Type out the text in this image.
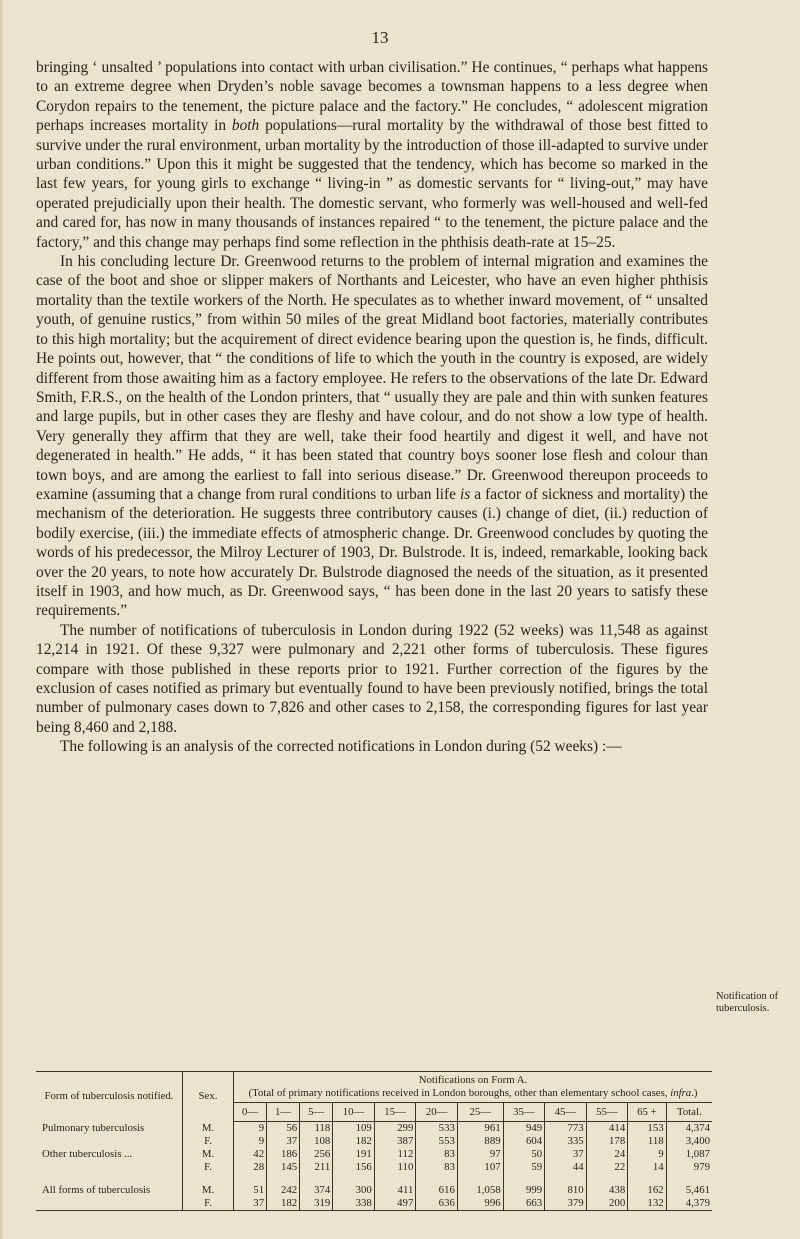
13

bringing ‘ unsalted ’ populations into contact with urban civilisation.” He continues, “ perhaps what happens to an extreme degree when Dryden’s noble savage becomes a townsman happens to a less degree when Corydon repairs to the tenement, the picture palace and the factory.” He concludes, “ adolescent migration perhaps increases mortality in both populations—rural mortality by the withdrawal of those best fitted to survive under the rural environment, urban mortality by the introduction of those ill-adapted to survive under urban conditions.” Upon this it might be suggested that the tendency, which has become so marked in the last few years, for young girls to exchange “ living-in ” as domestic servants for “ living-out,” may have operated prejudicially upon their health. The domestic servant, who formerly was well-housed and well-fed and cared for, has now in many thousands of instances repaired “ to the tenement, the picture palace and the factory,” and this change may perhaps find some reflection in the phthisis death-rate at 15–25.

In his concluding lecture Dr. Greenwood returns to the problem of internal migration and examines the case of the boot and shoe or slipper makers of Northants and Leicester, who have an even higher phthisis mortality than the textile workers of the North. He speculates as to whether inward movement, of “ unsalted youth, of genuine rustics,” from within 50 miles of the great Midland boot factories, materially contributes to this high mortality; but the acquirement of direct evidence bearing upon the question is, he finds, difficult. He points out, however, that “ the conditions of life to which the youth in the country is exposed, are widely different from those awaiting him as a factory employee. He refers to the observations of the late Dr. Edward Smith, F.R.S., on the health of the London printers, that “ usually they are pale and thin with sunken features and large pupils, but in other cases they are fleshy and have colour, and do not show a low type of health. Very generally they affirm that they are well, take their food heartily and digest it well, and have not degenerated in health.” He adds, “ it has been stated that country boys sooner lose flesh and colour than town boys, and are among the earliest to fall into serious disease.” Dr. Greenwood thereupon proceeds to examine (assuming that a change from rural conditions to urban life is a factor of sickness and mortality) the mechanism of the deterioration. He suggests three contributory causes (i.) change of diet, (ii.) reduction of bodily exercise, (iii.) the immediate effects of atmospheric change. Dr. Greenwood concludes by quoting the words of his predecessor, the Milroy Lecturer of 1903, Dr. Bulstrode. It is, indeed, remarkable, looking back over the 20 years, to note how accurately Dr. Bulstrode diagnosed the needs of the situation, as it presented itself in 1903, and how much, as Dr. Greenwood says, “ has been done in the last 20 years to satisfy these requirements.”

The number of notifications of tuberculosis in London during 1922 (52 weeks) was 11,548 as against 12,214 in 1921. Of these 9,327 were pulmonary and 2,221 other forms of tuberculosis. These figures compare with those published in these reports prior to 1921. Further correction of the figures by the exclusion of cases notified as primary but eventually found to have been previously notified, brings the total number of pulmonary cases down to 7,826 and other cases to 2,158, the corresponding figures for last year being 8,460 and 2,188.

The following is an analysis of the corrected notifications in London during (52 weeks) :—

Notification of tuberculosis.
Form of tuberculosis notified.	Sex.	Notifications on Form A.
(Total of primary notifications received in London boroughs, other than elementary school cases, infra.)											
		0—	1—	5—	10—	15—	20—	25—	35—	45—	55—	65 +	Total.
Pulmonary tuberculosis	M.	9	56	118	109	299	533	961	949	773	414	153	4,374
	F.	9	37	108	182	387	553	889	604	335	178	118	3,400
Other tuberculosis ...	M.	42	186	256	191	112	83	97	50	37	24	9	1,087
	F.	28	145	211	156	110	83	107	59	44	22	14	979

All forms of tuberculosis	M.	51	242	374	300	411	616	1,058	999	810	438	162	5,461
	F.	37	182	319	338	497	636	996	663	379	200	132	4,379
